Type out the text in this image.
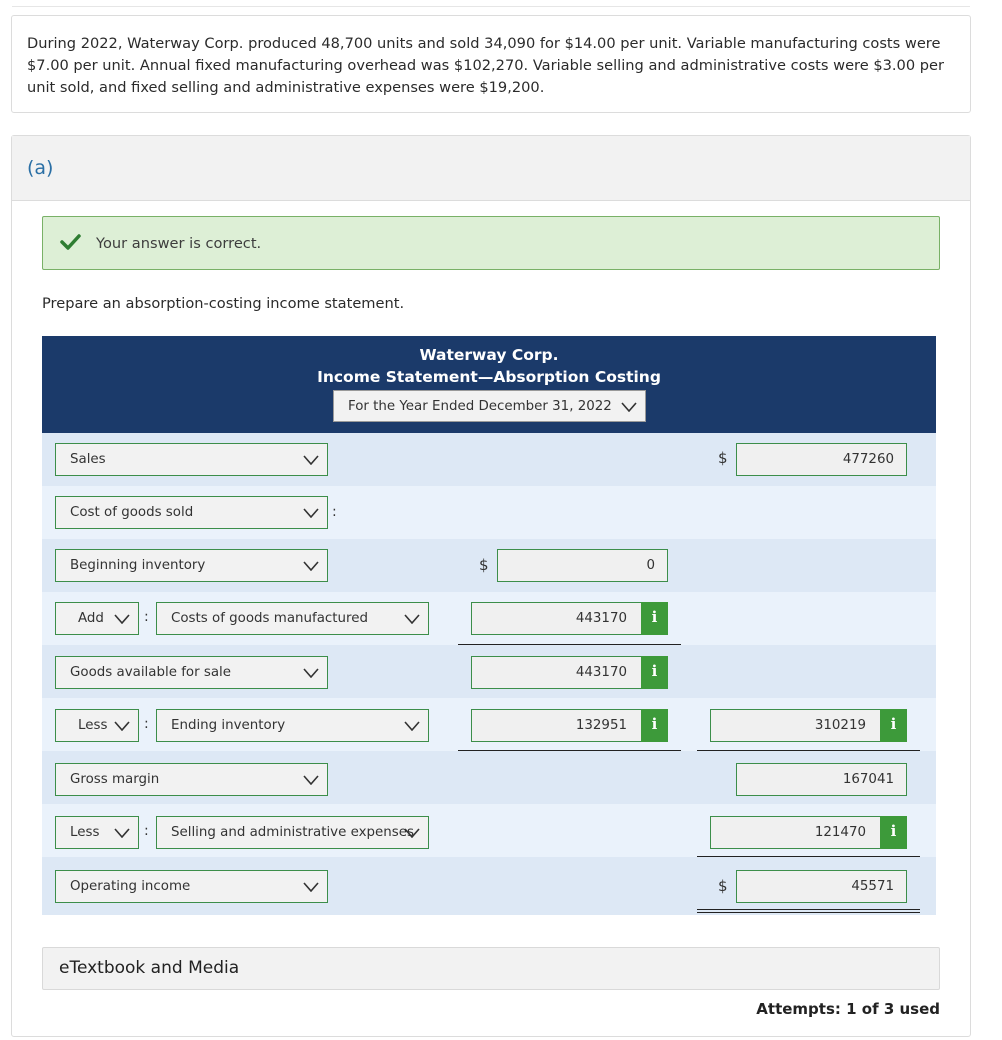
During 2022, Waterway Corp. produced 48,700 units and sold 34,090 for $14.00 per unit. Variable manufacturing costs were $7.00 per unit. Annual fixed manufacturing overhead was $102,270. Variable selling and administrative costs were $3.00 per unit sold, and fixed selling and administrative expenses were $19,200.
(a)
Your answer is correct.
Prepare an absorption-costing income statement.
Waterway Corp.
Income Statement—Absorption Costing
For the Year Ended December 31, 2022
Sales	$	477260
Cost of goods sold	:
Beginning inventory	$	0
Add	:	Costs of goods manufactured	443170	i
Goods available for sale	443170	i
Less	:	Ending inventory	132951	i	310219	i
Gross margin	167041
Less	:	Selling and administrative expenses	121470	i
Operating income	$	45571
eTextbook and Media
Attempts: 1 of 3 used
